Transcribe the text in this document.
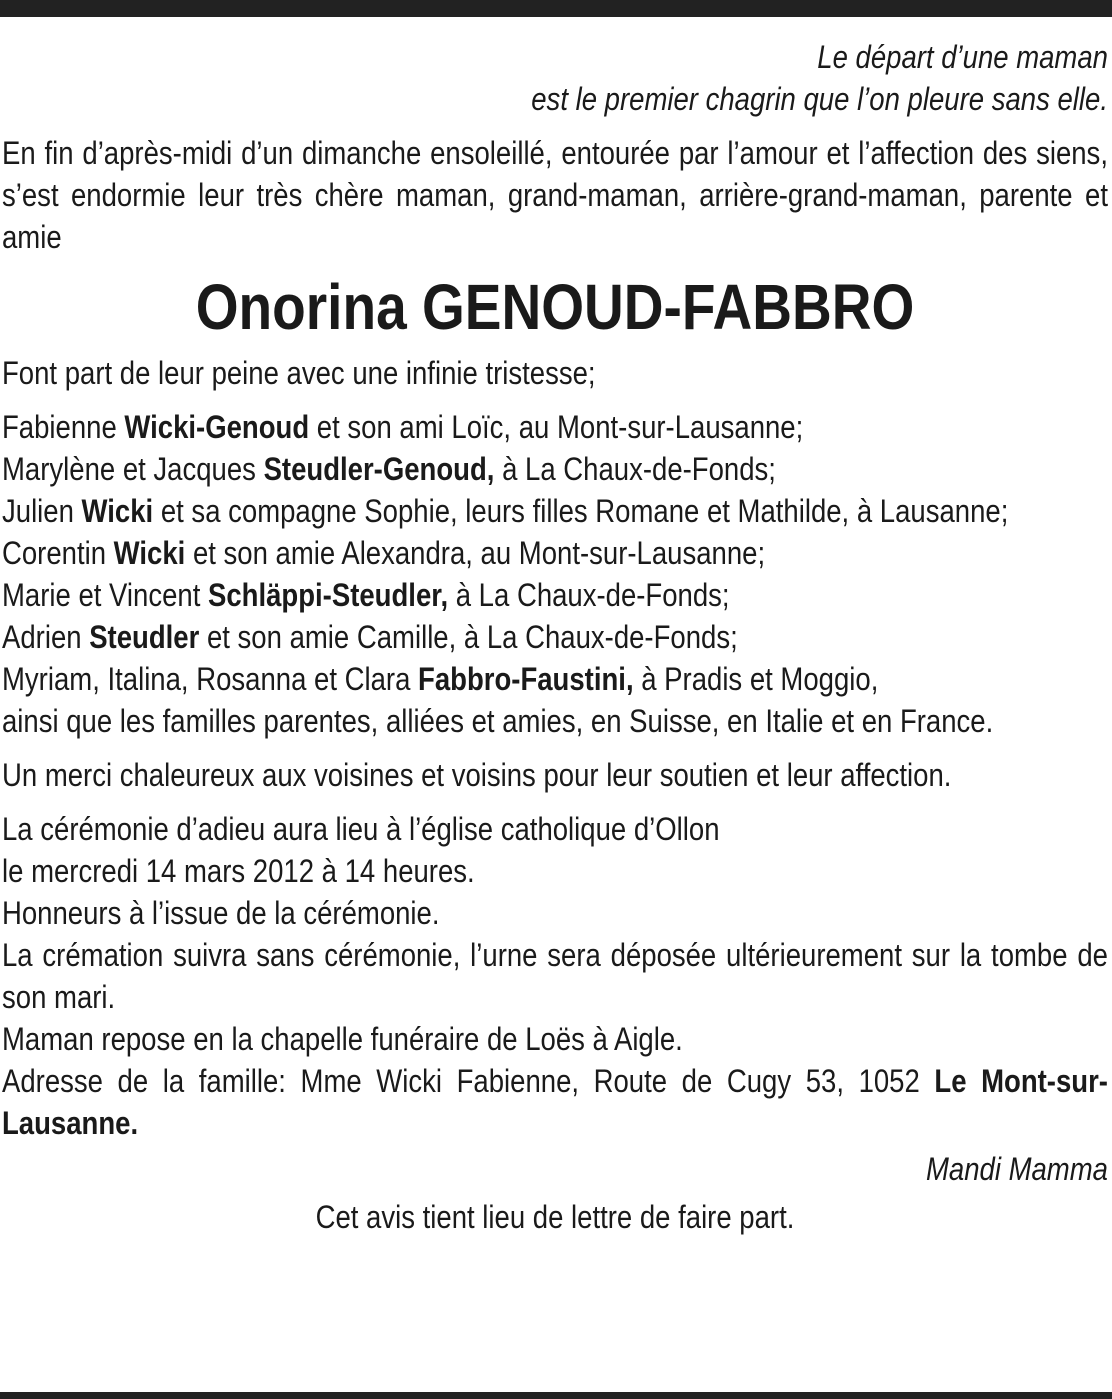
Le départ d’une maman
est le premier chagrin que l’on pleure sans elle.

En fin d’après-midi d’un dimanche ensoleillé, entourée par l’amour et l’affection des siens, s’est endormie leur très chère maman, grand-maman, arrière-grand-maman, parente et amie

Onorina GENOUD-FABBRO

Font part de leur peine avec une infinie tristesse;

Fabienne Wicki-Genoud et son ami Loïc, au Mont-sur-Lausanne;
Marylène et Jacques Steudler-Genoud, à La Chaux-de-Fonds;
Julien Wicki et sa compagne Sophie, leurs filles Romane et Mathilde, à Lausanne;
Corentin Wicki et son amie Alexandra, au Mont-sur-Lausanne;
Marie et Vincent Schläppi-Steudler, à La Chaux-de-Fonds;
Adrien Steudler et son amie Camille, à La Chaux-de-Fonds;
Myriam, Italina, Rosanna et Clara Fabbro-Faustini, à Pradis et Moggio,
ainsi que les familles parentes, alliées et amies, en Suisse, en Italie et en France.

Un merci chaleureux aux voisines et voisins pour leur soutien et leur affection.

La cérémonie d’adieu aura lieu à l’église catholique d’Ollon
le mercredi 14 mars 2012 à 14 heures.
Honneurs à l’issue de la cérémonie.
La crémation suivra sans cérémonie, l’urne sera déposée ultérieurement sur la tombe de son mari.
Maman repose en la chapelle funéraire de Loës à Aigle.
Adresse de la famille: Mme Wicki Fabienne, Route de Cugy 53, 1052 Le Mont-sur-Lausanne.
Mandi Mamma
Cet avis tient lieu de lettre de faire part.
